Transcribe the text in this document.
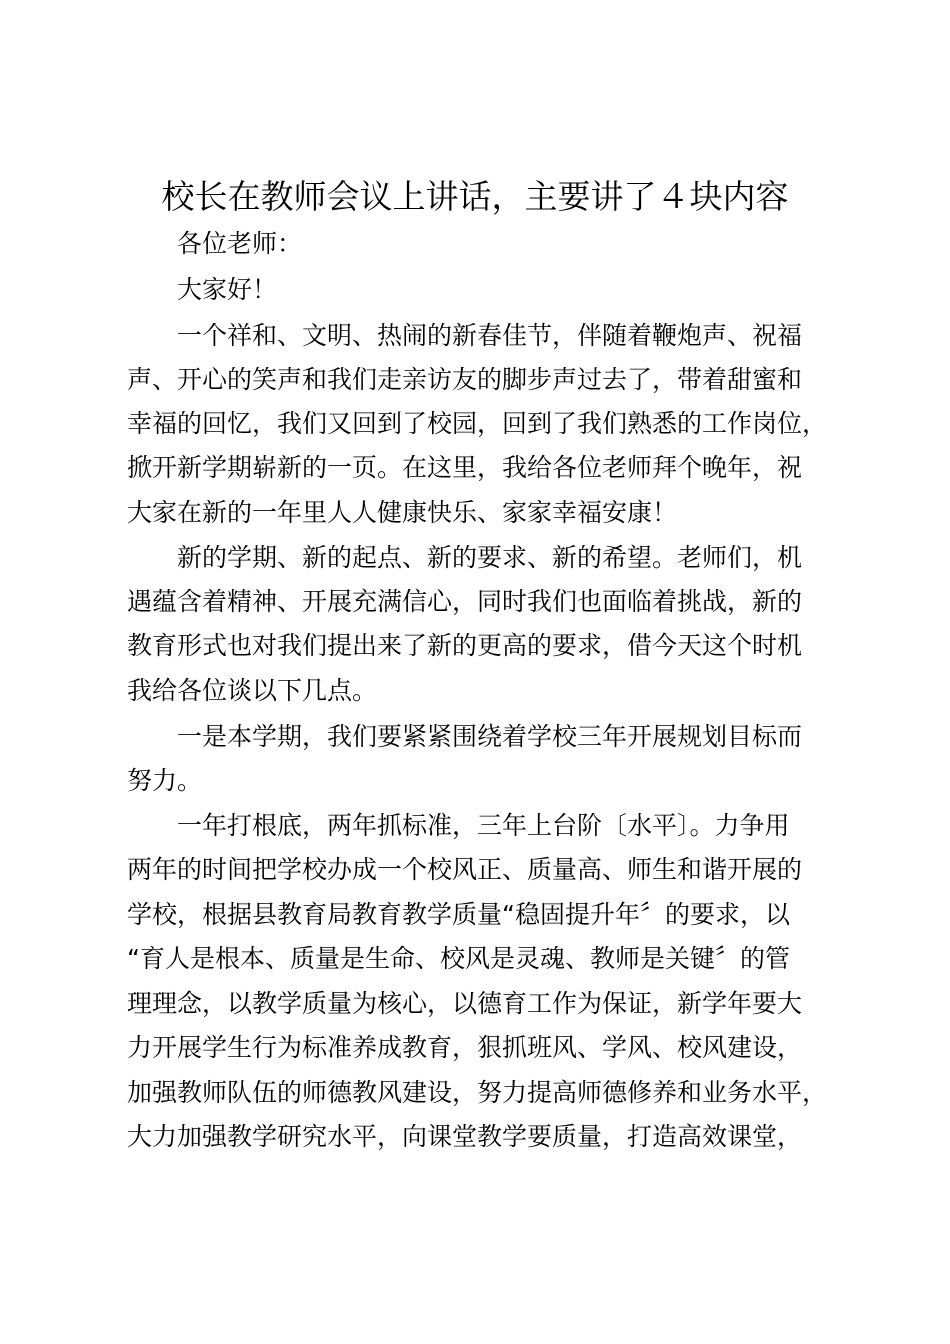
校长在教师会议上讲话，主要讲了４块内容
各位老师：
大家好！
一个祥和、文明、热闹的新春佳节，伴随着鞭炮声、祝福
声、开心的笑声和我们走亲访友的脚步声过去了，带着甜蜜和
幸福的回忆，我们又回到了校园，回到了我们熟悉的工作岗位，
掀开新学期崭新的一页。在这里，我给各位老师拜个晚年，祝
大家在新的一年里人人健康快乐、家家幸福安康！
新的学期、新的起点、新的要求、新的希望。老师们，机
遇蕴含着精神、开展充满信心，同时我们也面临着挑战，新的
教育形式也对我们提出来了新的更高的要求，借今天这个时机
我给各位谈以下几点。
一是本学期，我们要紧紧围绕着学校三年开展规划目标而
努力。
一年打根底，两年抓标准，三年上台阶〔水平〕。力争用
两年的时间把学校办成一个校风正、质量高、师生和谐开展的
学校，根据县教育局教育教学质量“稳固提升年〞的要求，以
“育人是根本、质量是生命、校风是灵魂、教师是关键〞的管
理理念，以教学质量为核心，以德育工作为保证，新学年要大
力开展学生行为标准养成教育，狠抓班风、学风、校风建设，
加强教师队伍的师德教风建设，努力提高师德修养和业务水平，
大力加强教学研究水平，向课堂教学要质量，打造高效课堂，
